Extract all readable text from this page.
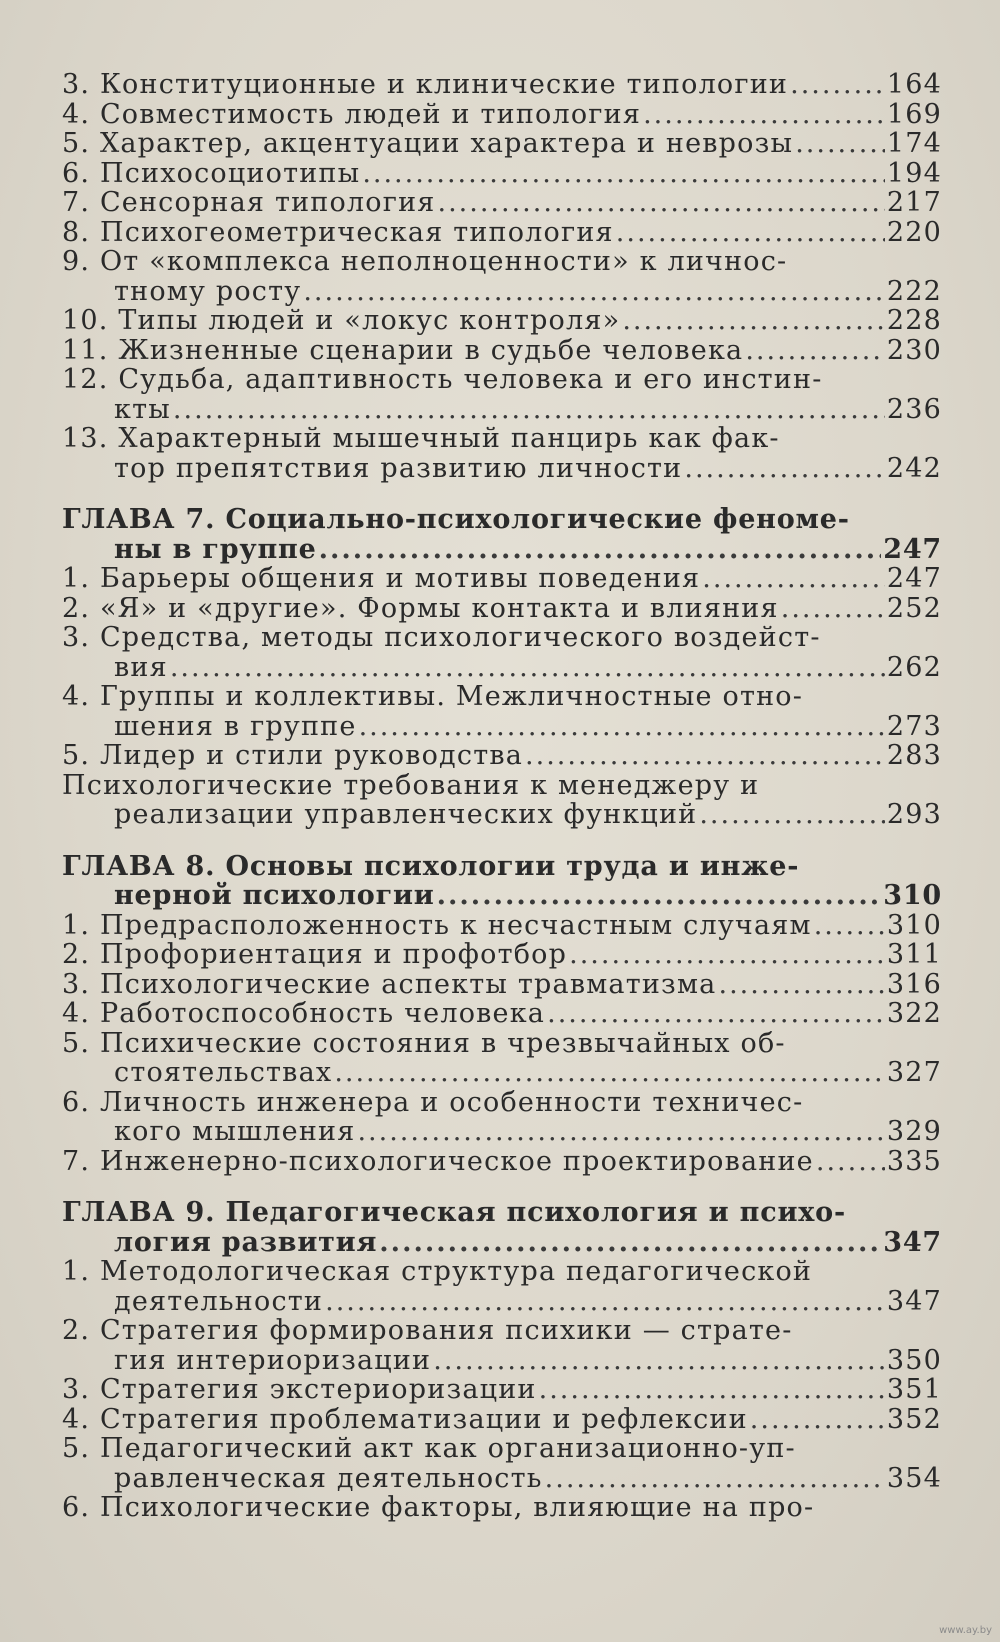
3. Конституционные и клинические типологии .....	164
4. Совместимость людей и типология .....	169
5. Характер, акцентуации характера и неврозы .....	174
6. Психосоциотипы .....	194
7. Сенсорная типология .....	217
8. Психогеометрическая типология .....	220
9. От «комплекса неполноценности» к личнос-
тному росту .....	222
10. Типы людей и «локус контроля» .....	228
11. Жизненные сценарии в судьбе человека .....	230
12. Судьба, адаптивность человека и его инстин-
кты .....	236
13. Характерный мышечный панцирь как фак-
тор препятствия развитию личности .....	242
ГЛАВА 7. Социально-психологические феноме-
ны в группе .....	247
1. Барьеры общения и мотивы поведения .....	247
2. «Я» и «другие». Формы контакта и влияния .....	252
3. Средства, методы психологического воздейст-
вия .....	262
4. Группы и коллективы. Межличностные отно-
шения в группе .....	273
5. Лидер и стили руководства .....	283
Психологические требования к менеджеру и
реализации управленческих функций .....	293
ГЛАВА 8. Основы психологии труда и инже-
нерной психологии .....	310
1. Предрасположенность к несчастным случаям .....	310
2. Профориентация и профотбор .....	311
3. Психологические аспекты травматизма .....	316
4. Работоспособность человека .....	322
5. Психические состояния в чрезвычайных об-
стоятельствах .....	327
6. Личность инженера и особенности техничес-
кого мышления .....	329
7. Инженерно-психологическое проектирование .....	335
ГЛАВА 9. Педагогическая психология и психо-
логия развития .....	347
1. Методологическая структура педагогической
деятельности .....	347
2. Стратегия формирования психики — страте-
гия интериоризации .....	350
3. Стратегия экстериоризации .....	351
4. Стратегия проблематизации и рефлексии .....	352
5. Педагогический акт как организационно-уп-
равленческая деятельность .....	354
6. Психологические факторы, влияющие на про-
www.ay.by
